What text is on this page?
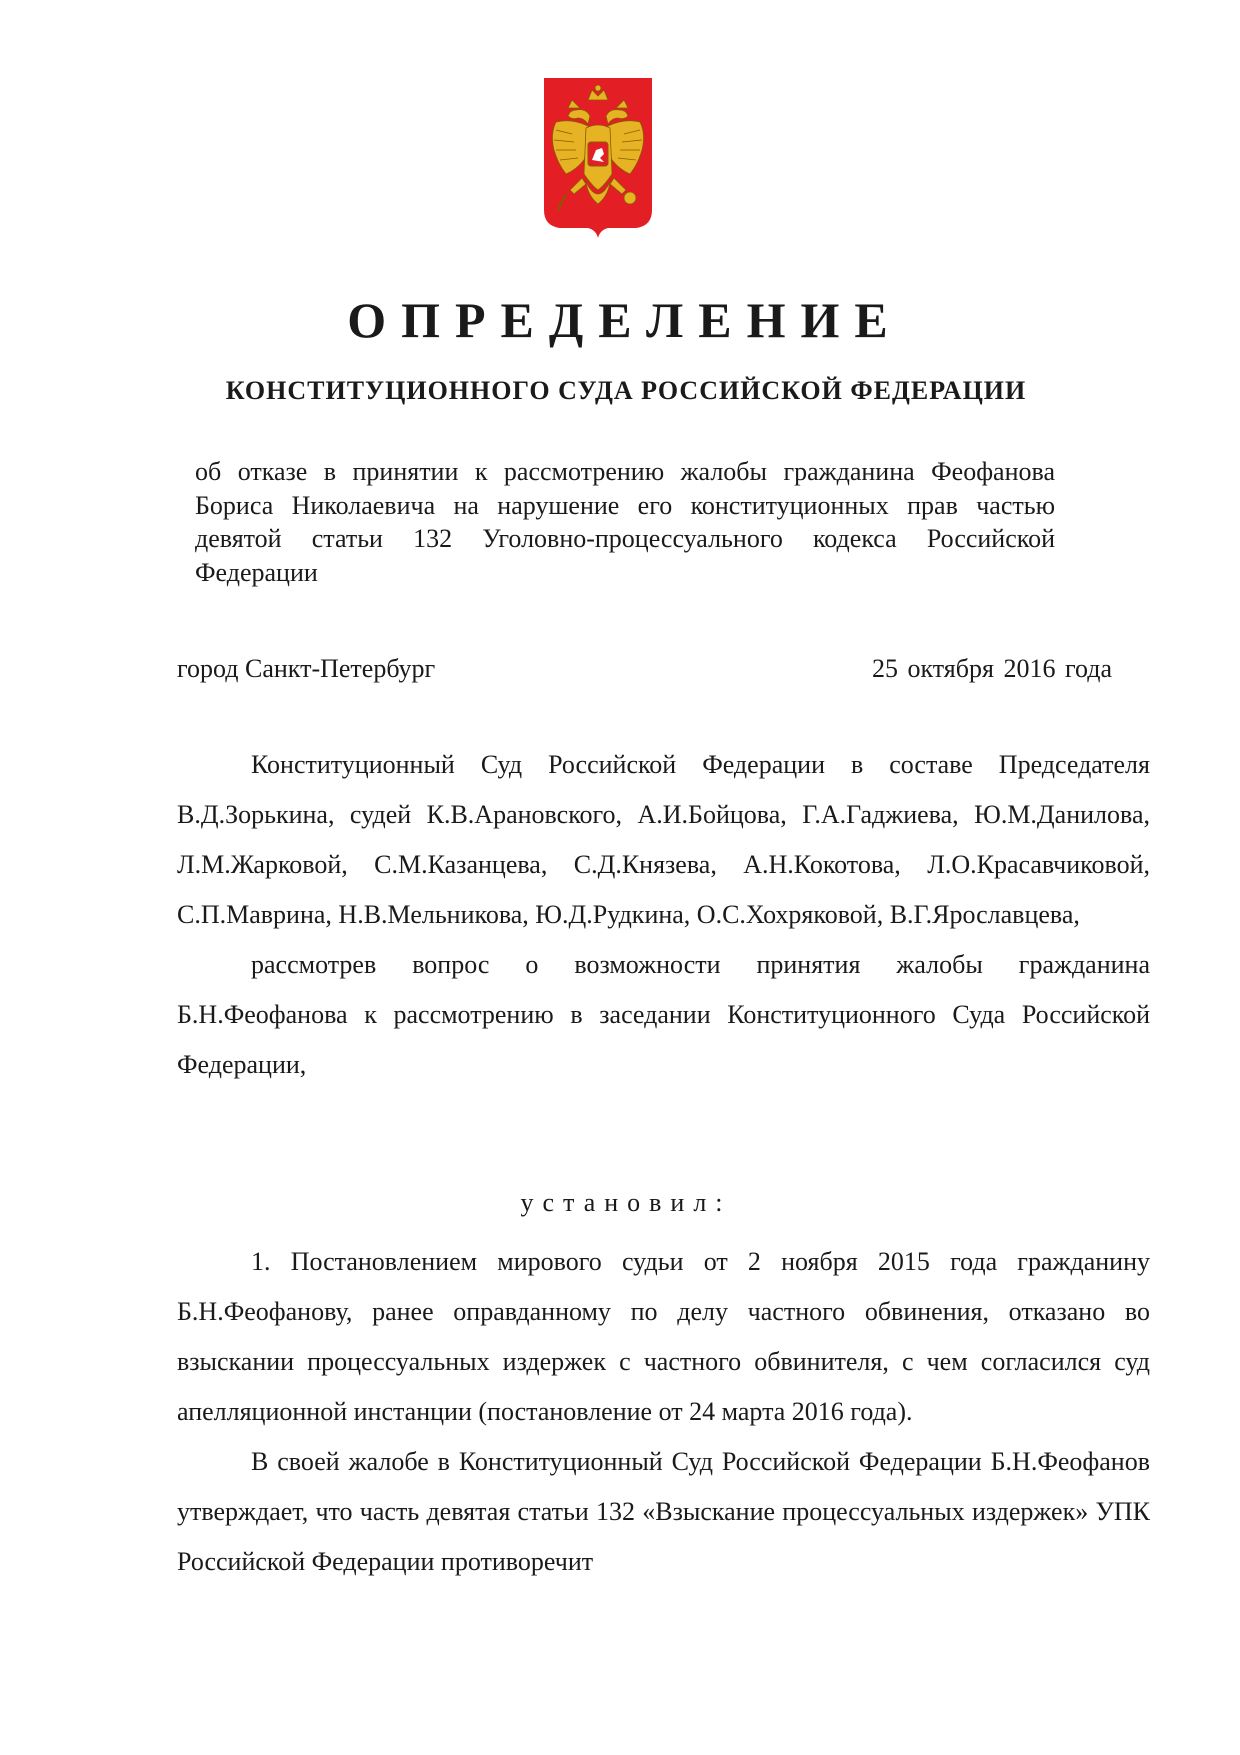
ОПРЕДЕЛЕНИЕ
КОНСТИТУЦИОННОГО СУДА РОССИЙСКОЙ ФЕДЕРАЦИИ
об отказе в принятии к рассмотрению жалобы гражданина Феофанова Бориса Николаевича на нарушение его конституционных прав частью девятой статьи 132 Уголовно-процессуального кодекса Российской Федерации
город Санкт-Петербург	25 октября 2016 года

Конституционный Суд Российской Федерации в составе Председателя В.Д.Зорькина, судей К.В.Арановского, А.И.Бойцова, Г.А.Гаджиева, Ю.М.Данилова, Л.М.Жарковой, С.М.Казанцева, С.Д.Князева, А.Н.Кокотова, Л.О.Красавчиковой, С.П.Маврина, Н.В.Мельникова, Ю.Д.Рудкина, О.С.Хохряковой, В.Г.Ярославцева,

рассмотрев вопрос о возможности принятия жалобы гражданина Б.Н.Феофанова к рассмотрению в заседании Конституционного Суда Российской Федерации,

установил:

1. Постановлением мирового судьи от 2 ноября 2015 года гражданину Б.Н.Феофанову, ранее оправданному по делу частного обвинения, отказано во взыскании процессуальных издержек с частного обвинителя, с чем согласился суд апелляционной инстанции (постановление от 24 марта 2016 года).

В своей жалобе в Конституционный Суд Российской Федерации Б.Н.Феофанов утверждает, что часть девятая статьи 132 «Взыскание процессуальных издержек» УПК Российской Федерации противоречит
